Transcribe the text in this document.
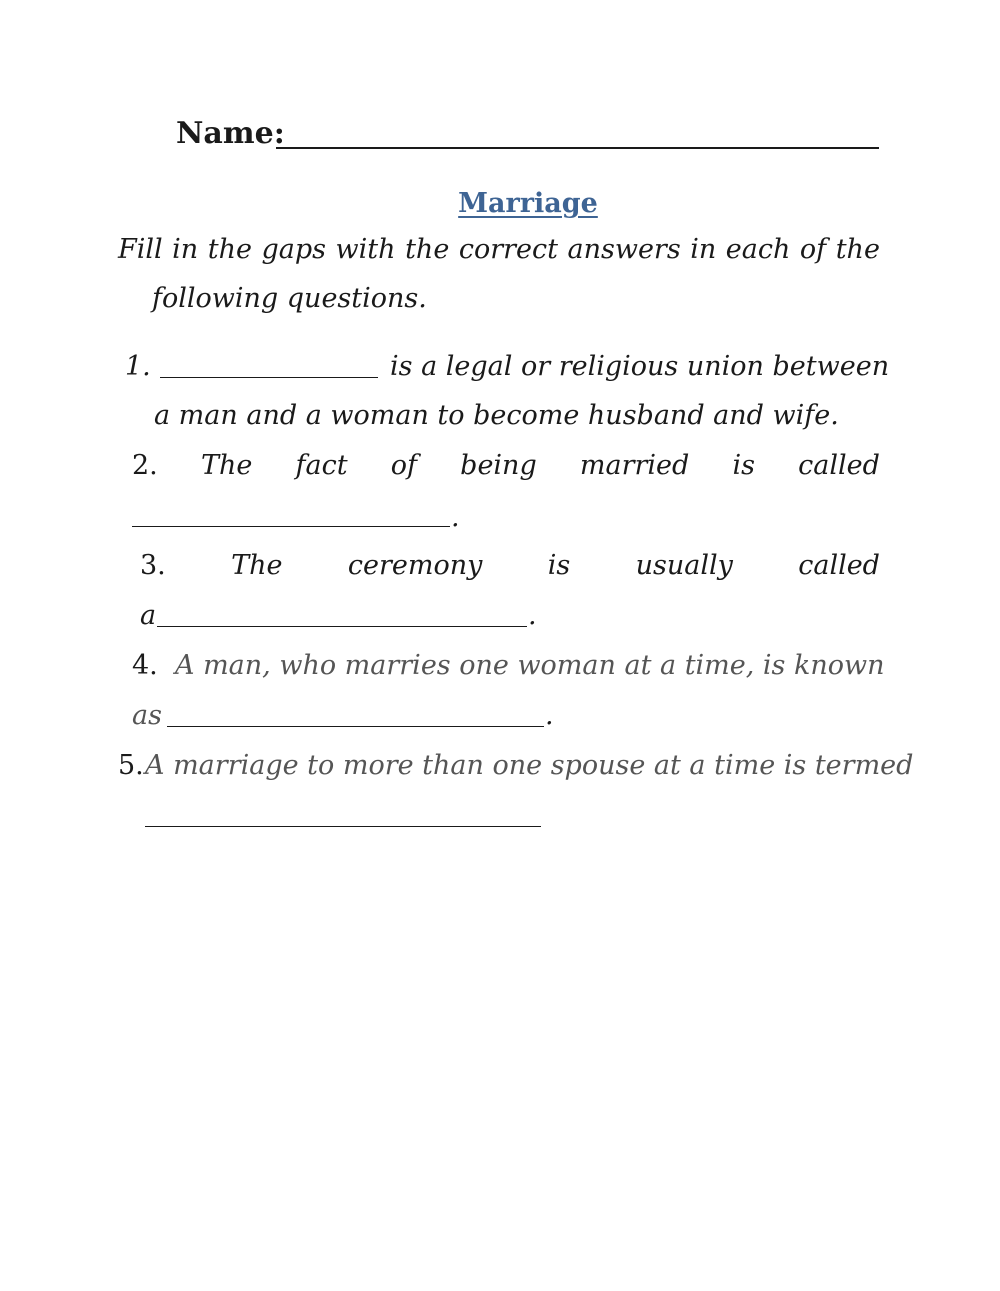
Name:
Marriage
Fill in the gaps with the correct answers in each of the
following questions.
1.	is a legal or religious union between
a man and a woman to become husband and wife.
2. The fact of being married is called
.
3. The ceremony is usually called
a	.
4. A man, who marries one woman at a time, is known
as	.
5. A marriage to more than one spouse at a time is termed
